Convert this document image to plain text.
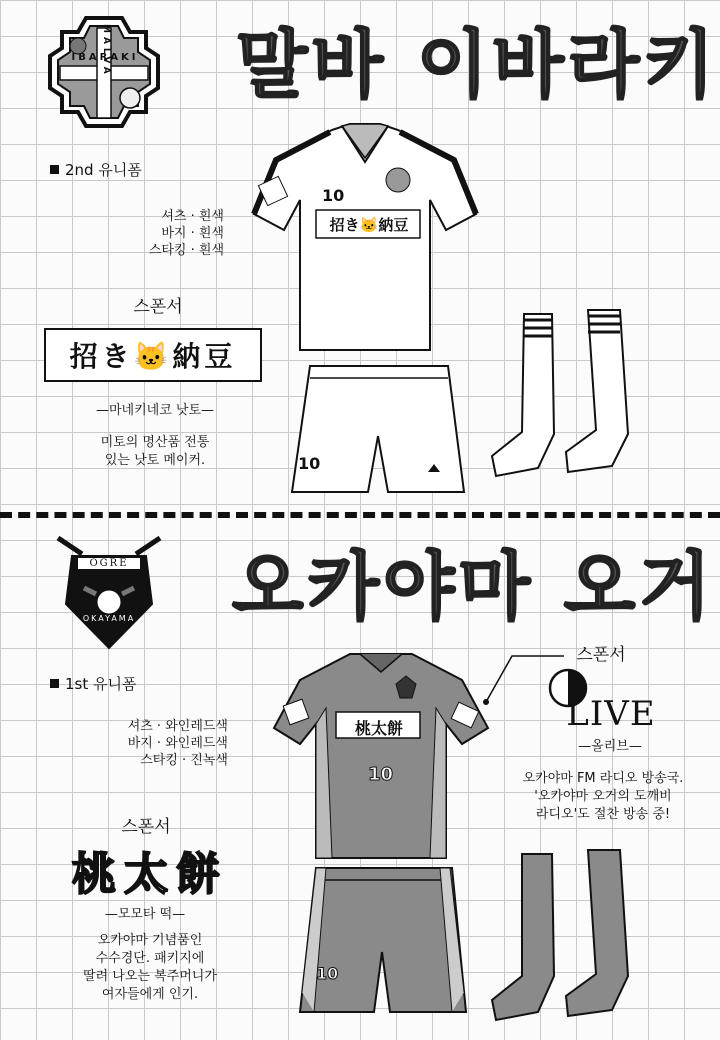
IBARAKI
MALVA 말바 이바라키
2nd 유니폼
셔츠 · 흰색
바지 · 흰색
스타킹 · 흰색
스폰서
招き🐱納豆
—마네키네코 낫토—
미토의 명산품 전통
있는 낫토 메이커.
10
招き🐱納豆
10
OGRE
OKAYAMA 오카야마 오거
1st 유니폼
셔츠 · 와인레드색
바지 · 와인레드색
스타킹 · 진녹색
스폰서
桃太餅
—모모타 떡—
오카야마 기념품인
수수경단. 패키지에
딸려 나오는 복주머니가
여자들에게 인기.
桃太餅
10
10
스폰서
LIVE
—올리브—
오카야마 FM 라디오 방송국.
'오카야마 오거의 도깨비
라디오'도 절찬 방송 중!
